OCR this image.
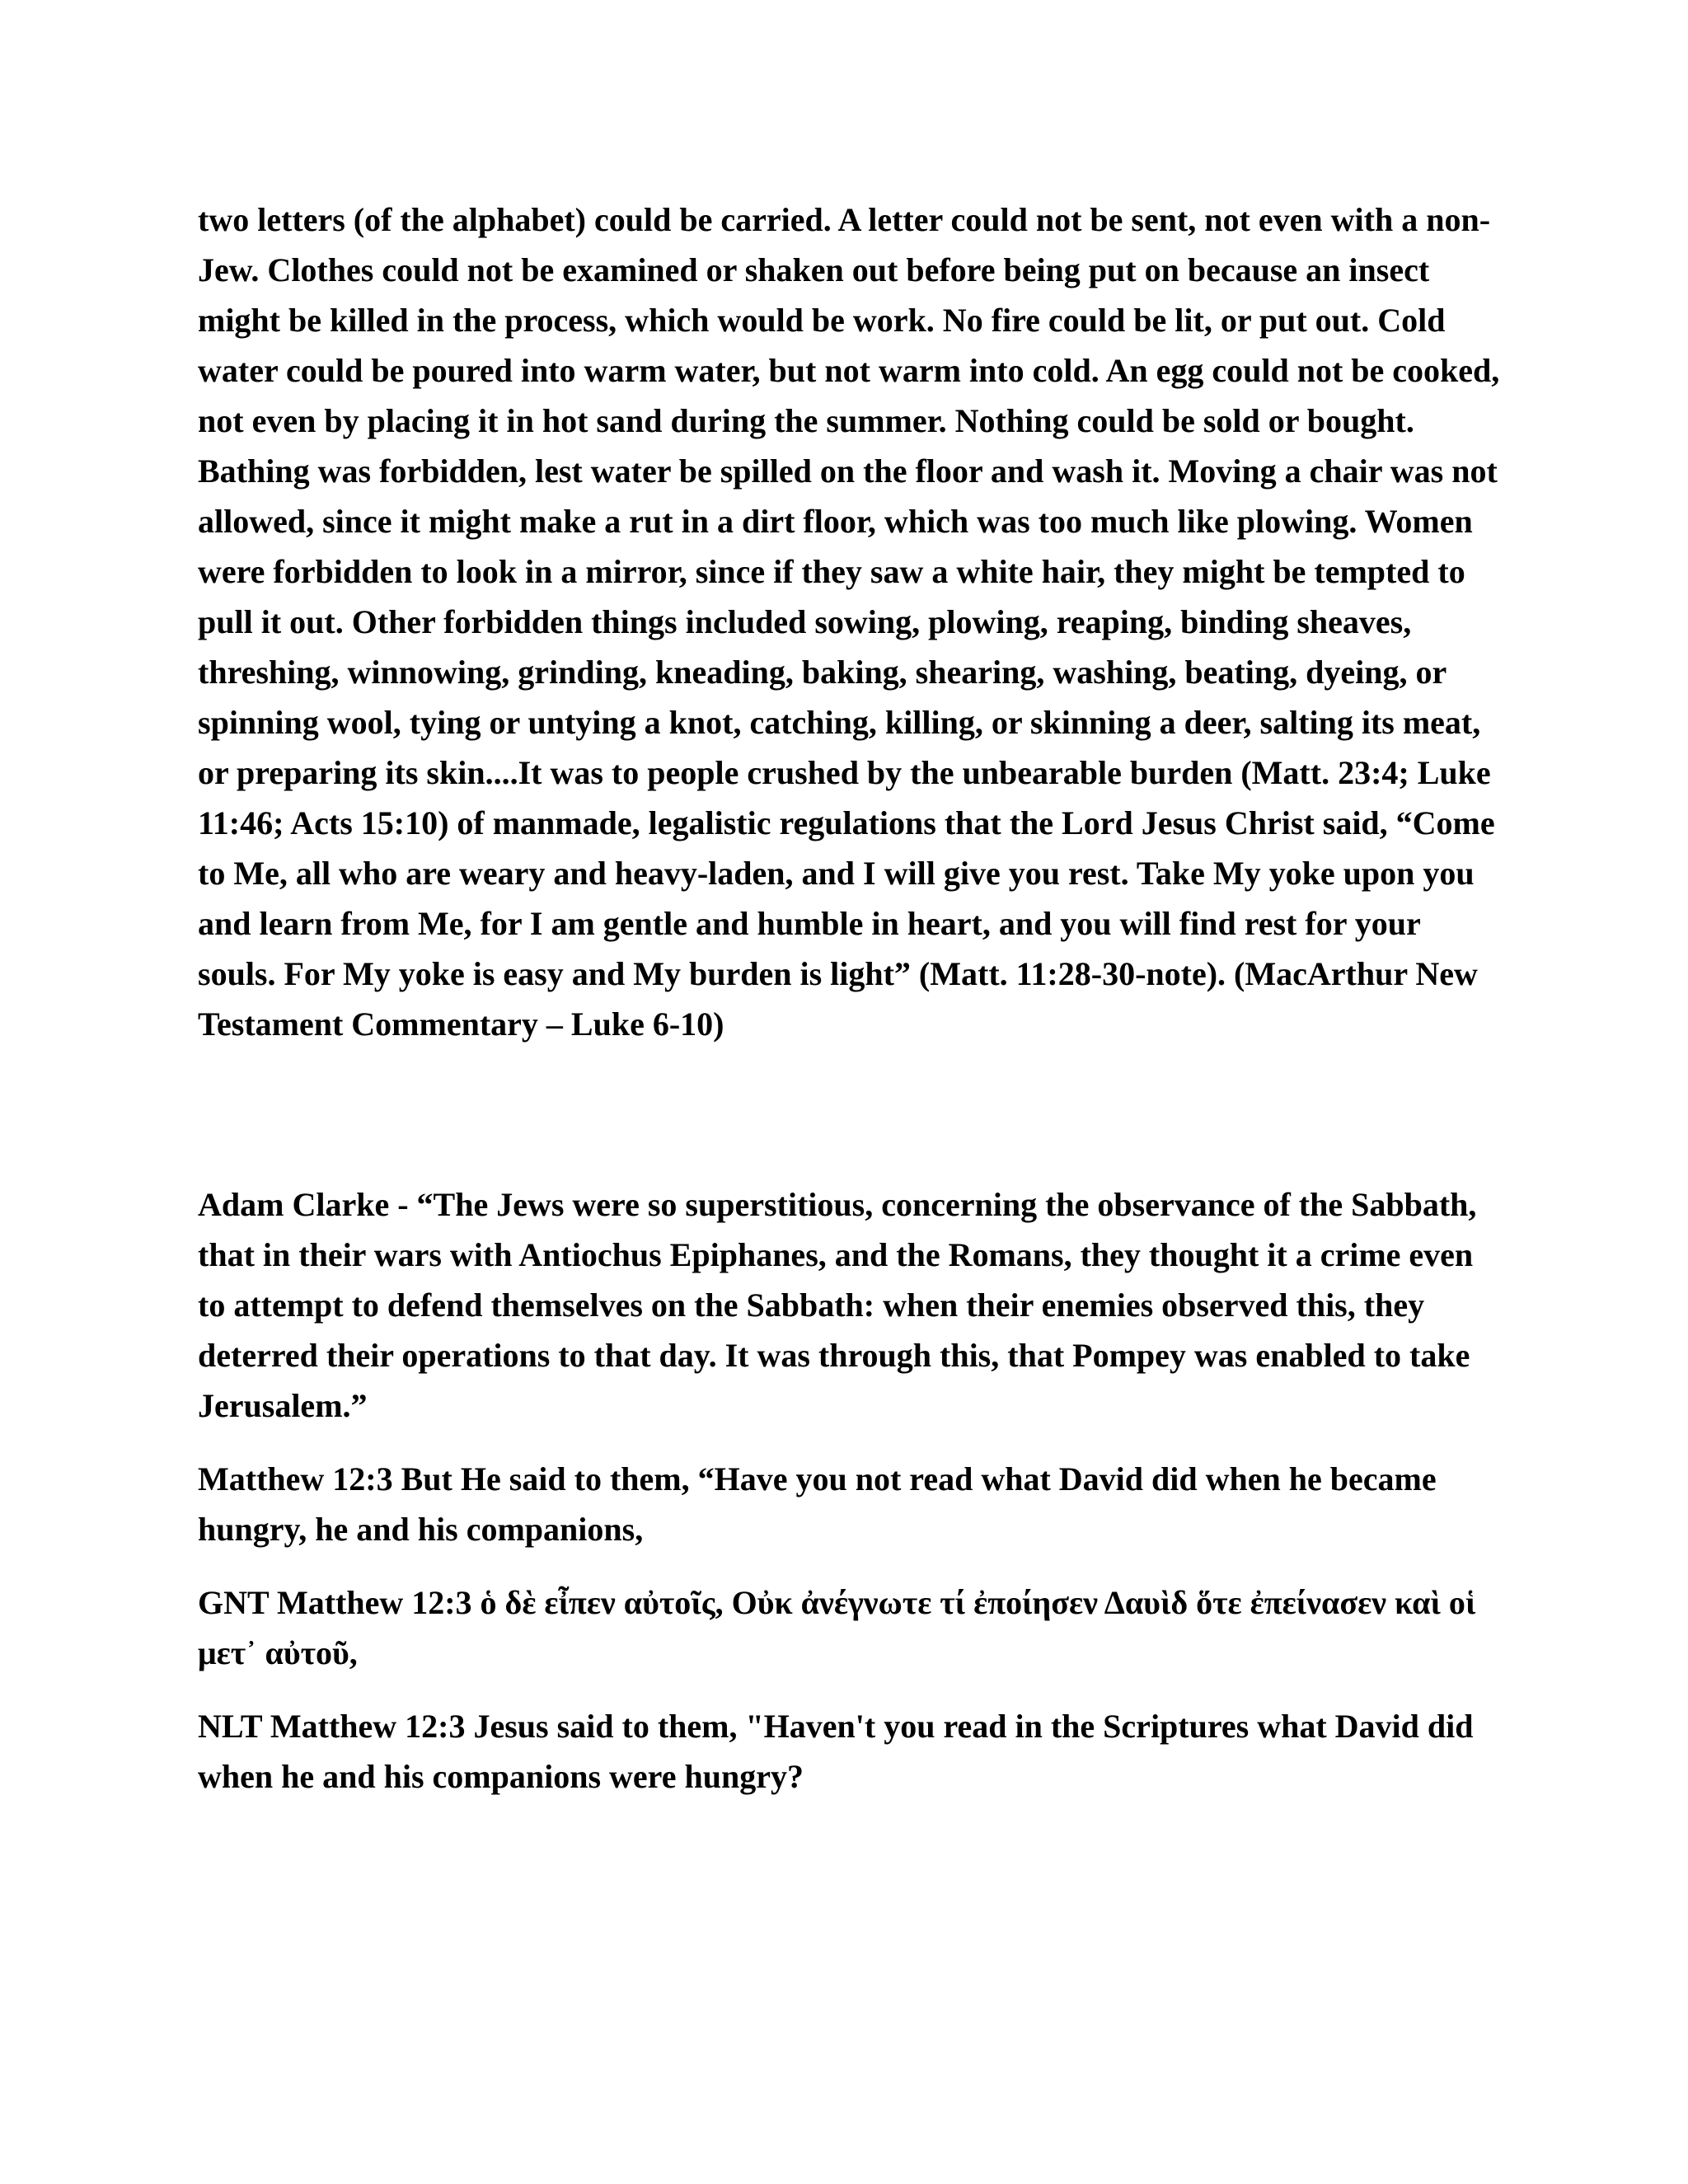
two letters (of the alphabet) could be carried. A letter could not be sent, not even with a non-Jew. Clothes could not be examined or shaken out before being put on because an insect might be killed in the process, which would be work. No fire could be lit, or put out. Cold water could be poured into warm water, but not warm into cold. An egg could not be cooked, not even by placing it in hot sand during the summer. Nothing could be sold or bought. Bathing was forbidden, lest water be spilled on the floor and wash it. Moving a chair was not allowed, since it might make a rut in a dirt floor, which was too much like plowing. Women were forbidden to look in a mirror, since if they saw a white hair, they might be tempted to pull it out. Other forbidden things included sowing, plowing, reaping, binding sheaves, threshing, winnowing, grinding, kneading, baking, shearing, washing, beating, dyeing, or spinning wool, tying or untying a knot, catching, killing, or skinning a deer, salting its meat, or preparing its skin....It was to people crushed by the unbearable burden (Matt. 23:4; Luke 11:46; Acts 15:10) of manmade, legalistic regulations that the Lord Jesus Christ said, “Come to Me, all who are weary and heavy-laden, and I will give you rest. Take My yoke upon you and learn from Me, for I am gentle and humble in heart, and you will find rest for your souls. For My yoke is easy and My burden is light” (Matt. 11:28-30-note). (MacArthur New Testament Commentary – Luke 6-10)

Adam Clarke - “The Jews were so superstitious, concerning the observance of the Sabbath, that in their wars with Antiochus Epiphanes, and the Romans, they thought it a crime even to attempt to defend themselves on the Sabbath: when their enemies observed this, they deterred their operations to that day. It was through this, that Pompey was enabled to take Jerusalem.”

Matthew 12:3 But He said to them, “Have you not read what David did when he became hungry, he and his companions,

GNT Matthew 12:3 ὁ δὲ εἶπεν αὐτοῖς, Οὐκ ἀνέγνωτε τί ἐποίησεν Δαυὶδ ὅτε ἐπείνασεν καὶ οἱ μετ᾽ αὐτοῦ,

NLT Matthew 12:3 Jesus said to them, "Haven't you read in the Scriptures what David did when he and his companions were hungry?
